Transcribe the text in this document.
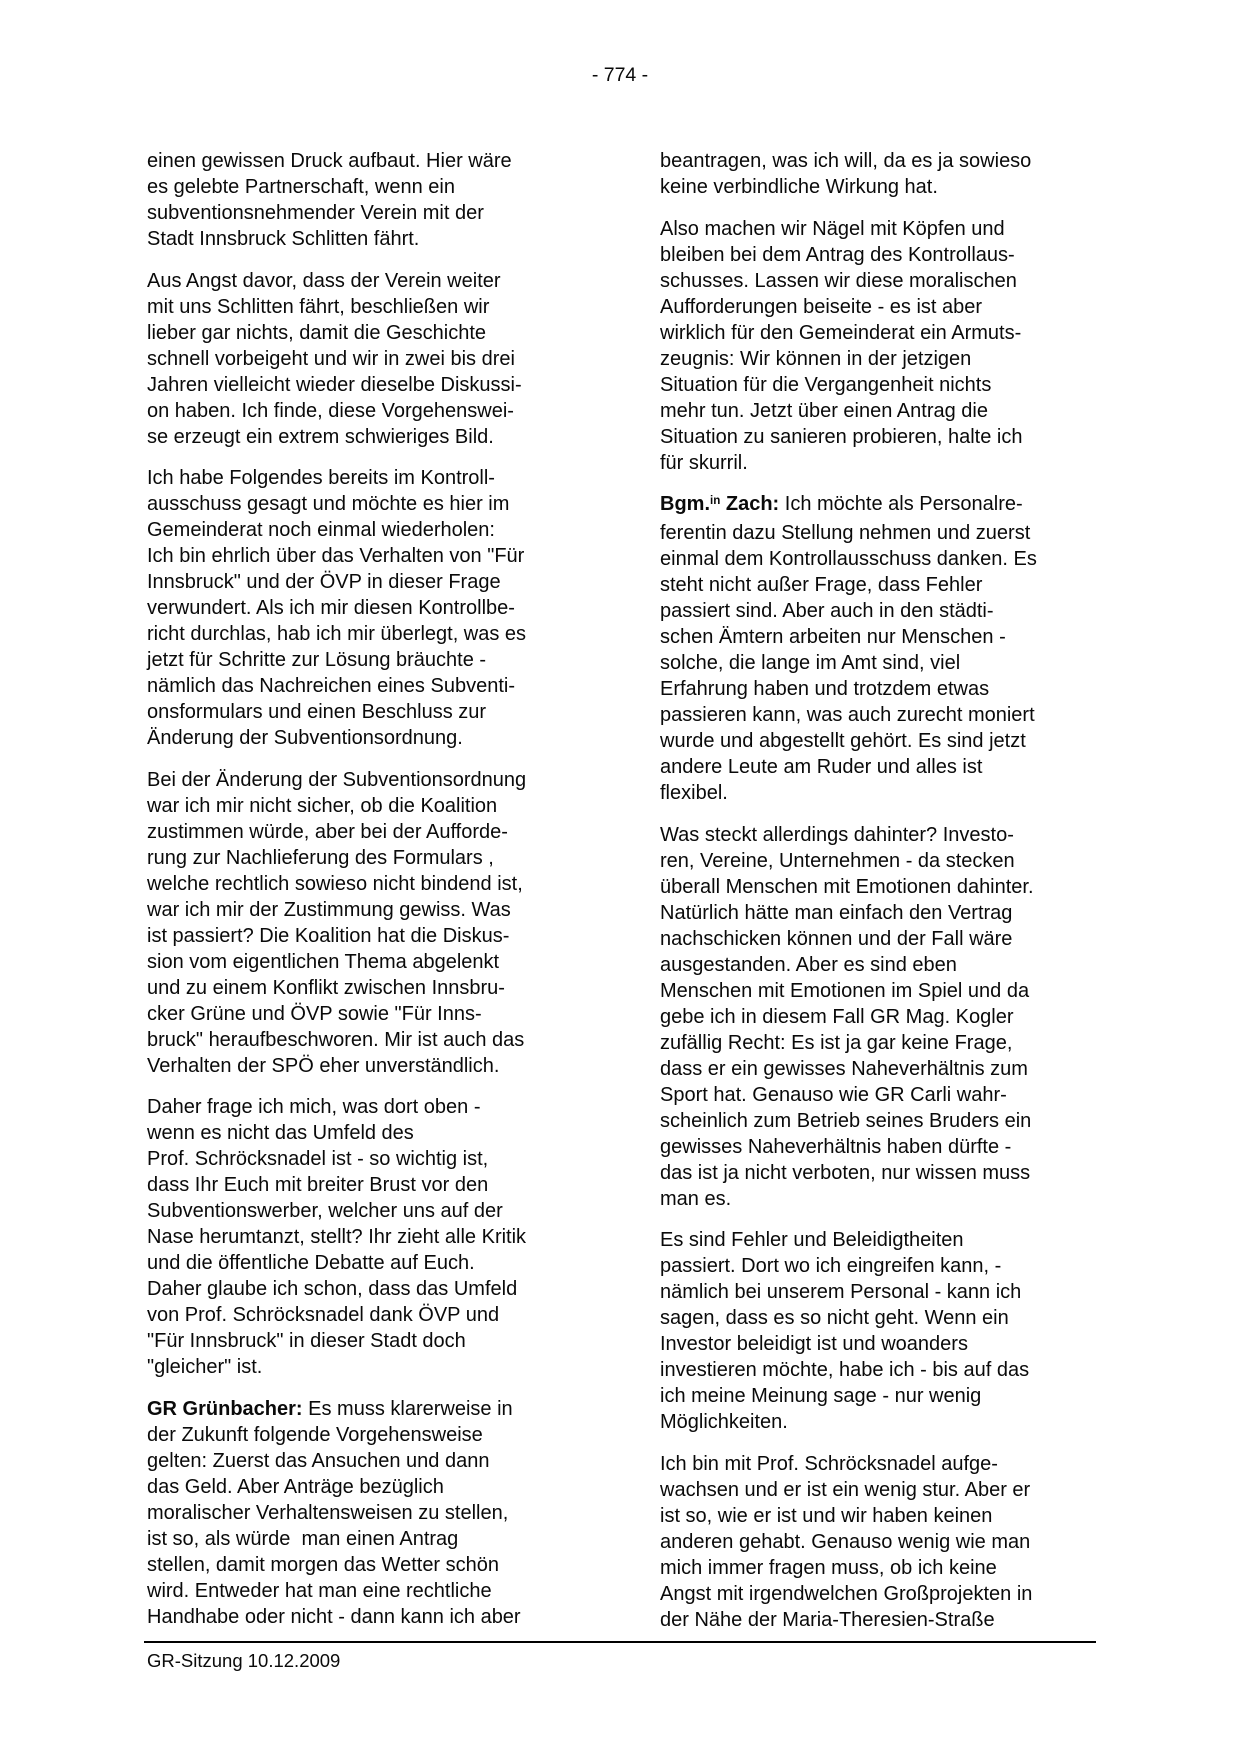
- 774 -
einen gewissen Druck aufbaut. Hier wäre
es gelebte Partnerschaft, wenn ein
subventionsnehmender Verein mit der
Stadt Innsbruck Schlitten fährt.
Aus Angst davor, dass der Verein weiter
mit uns Schlitten fährt, beschließen wir
lieber gar nichts, damit die Geschichte
schnell vorbeigeht und wir in zwei bis drei
Jahren vielleicht wieder dieselbe Diskussi-
on haben. Ich finde, diese Vorgehenswei-
se erzeugt ein extrem schwieriges Bild.
Ich habe Folgendes bereits im Kontroll-
ausschuss gesagt und möchte es hier im
Gemeinderat noch einmal wiederholen:
Ich bin ehrlich über das Verhalten von "Für
Innsbruck" und der ÖVP in dieser Frage
verwundert. Als ich mir diesen Kontrollbe-
richt durchlas, hab ich mir überlegt, was es
jetzt für Schritte zur Lösung bräuchte -
nämlich das Nachreichen eines Subventi-
onsformulars und einen Beschluss zur
Änderung der Subventionsordnung.
Bei der Änderung der Subventionsordnung
war ich mir nicht sicher, ob die Koalition
zustimmen würde, aber bei der Aufforde-
rung zur Nachlieferung des Formulars ,
welche rechtlich sowieso nicht bindend ist,
war ich mir der Zustimmung gewiss. Was
ist passiert? Die Koalition hat die Diskus-
sion vom eigentlichen Thema abgelenkt
und zu einem Konflikt zwischen Innsbru-
cker Grüne und ÖVP sowie "Für Inns-
bruck" heraufbeschworen. Mir ist auch das
Verhalten der SPÖ eher unverständlich.
Daher frage ich mich, was dort oben -
wenn es nicht das Umfeld des
Prof. Schröcksnadel ist - so wichtig ist,
dass Ihr Euch mit breiter Brust vor den
Subventionswerber, welcher uns auf der
Nase herumtanzt, stellt? Ihr zieht alle Kritik
und die öffentliche Debatte auf Euch.
Daher glaube ich schon, dass das Umfeld
von Prof. Schröcksnadel dank ÖVP und
"Für Innsbruck" in dieser Stadt doch
"gleicher" ist.
GR Grünbacher: Es muss klarerweise in
der Zukunft folgende Vorgehensweise
gelten: Zuerst das Ansuchen und dann
das Geld. Aber Anträge bezüglich
moralischer Verhaltensweisen zu stellen,
ist so, als würde  man einen Antrag
stellen, damit morgen das Wetter schön
wird. Entweder hat man eine rechtliche
Handhabe oder nicht - dann kann ich aber
beantragen, was ich will, da es ja sowieso
keine verbindliche Wirkung hat.
Also machen wir Nägel mit Köpfen und
bleiben bei dem Antrag des Kontrollaus-
schusses. Lassen wir diese moralischen
Aufforderungen beiseite - es ist aber
wirklich für den Gemeinderat ein Armuts-
zeugnis: Wir können in der jetzigen
Situation für die Vergangenheit nichts
mehr tun. Jetzt über einen Antrag die
Situation zu sanieren probieren, halte ich
für skurril.
Bgm.$^{in}$ Zach: Ich möchte als Personalre-
ferentin dazu Stellung nehmen und zuerst
einmal dem Kontrollausschuss danken. Es
steht nicht außer Frage, dass Fehler
passiert sind. Aber auch in den städti-
schen Ämtern arbeiten nur Menschen -
solche, die lange im Amt sind, viel
Erfahrung haben und trotzdem etwas
passieren kann, was auch zurecht moniert
wurde und abgestellt gehört. Es sind jetzt
andere Leute am Ruder und alles ist
flexibel.
Was steckt allerdings dahinter? Investo-
ren, Vereine, Unternehmen - da stecken
überall Menschen mit Emotionen dahinter.
Natürlich hätte man einfach den Vertrag
nachschicken können und der Fall wäre
ausgestanden. Aber es sind eben
Menschen mit Emotionen im Spiel und da
gebe ich in diesem Fall GR Mag. Kogler
zufällig Recht: Es ist ja gar keine Frage,
dass er ein gewisses Naheverhältnis zum
Sport hat. Genauso wie GR Carli wahr-
scheinlich zum Betrieb seines Bruders ein
gewisses Naheverhältnis haben dürfte -
das ist ja nicht verboten, nur wissen muss
man es.
Es sind Fehler und Beleidigtheiten
passiert. Dort wo ich eingreifen kann, -
nämlich bei unserem Personal - kann ich
sagen, dass es so nicht geht. Wenn ein
Investor beleidigt ist und woanders
investieren möchte, habe ich - bis auf das
ich meine Meinung sage - nur wenig
Möglichkeiten.
Ich bin mit Prof. Schröcksnadel aufge-
wachsen und er ist ein wenig stur. Aber er
ist so, wie er ist und wir haben keinen
anderen gehabt. Genauso wenig wie man
mich immer fragen muss, ob ich keine
Angst mit irgendwelchen Großprojekten in
der Nähe der Maria-Theresien-Straße
GR-Sitzung 10.12.2009
